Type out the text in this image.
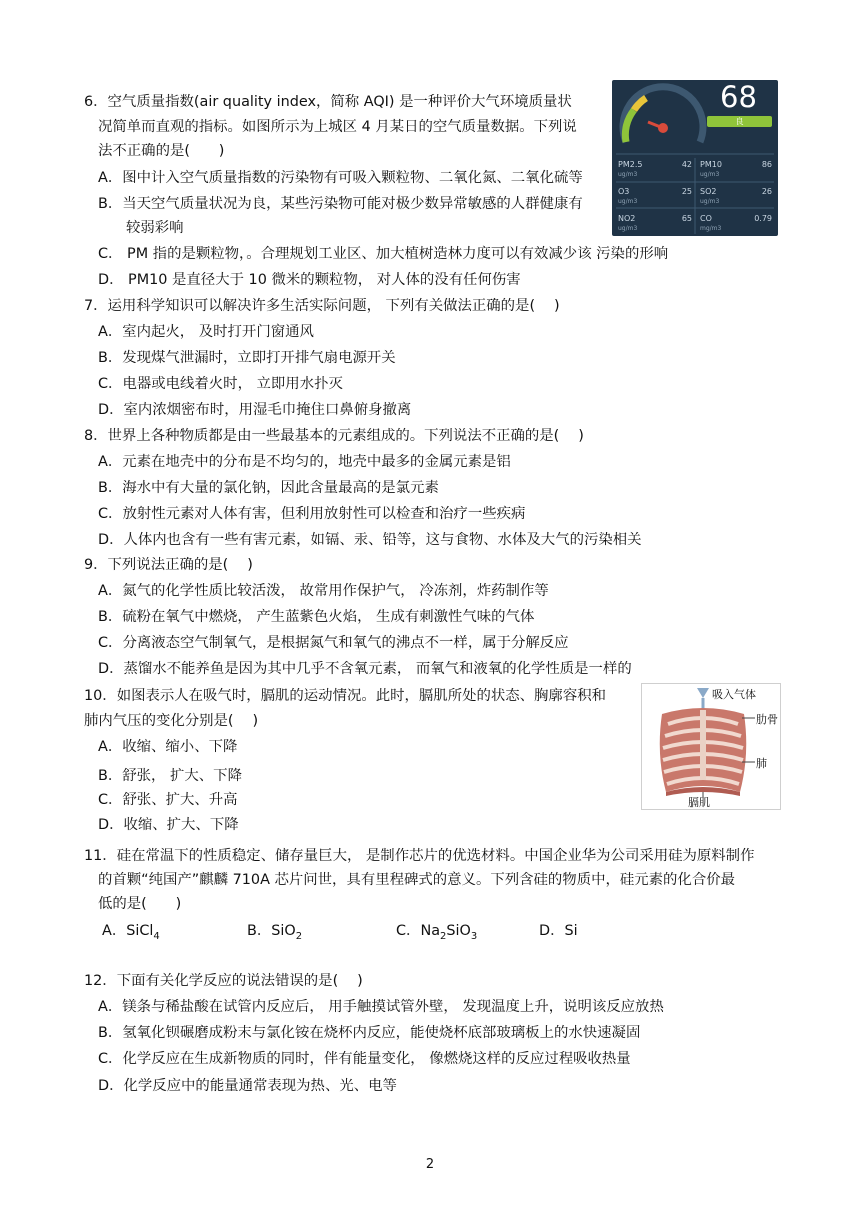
6．空气质量指数(air quality index，简称 AQI) 是一种评价大气环境质量状
况简单而直观的指标。如图所示为上城区 4 月某日的空气质量数据。下列说
法不正确的是(　　)
A．图中计入空气质量指数的污染物有可吸入颗粒物、二氧化氮、二氧化硫等
B．当天空气质量状况为良，某些污染物可能对极少数异常敏感的人群健康有
较弱彩响
C． PM 指的是颗粒物，。合理规划工业区、加大植树造林力度可以有效减少该 污染的形响
D． PM10 是直径大于 10 微米的颗粒物， 对人体的没有任何伤害
68
良
PM2.5	42
ug/m3
PM10	86
ug/m3
O3	25
ug/m3
SO2	26
ug/m3
NO2	65
ug/m3
CO	0.79
mg/m3
7．运用科学知识可以解决许多生活实际问题， 下列有关做法正确的是(　 )
A．室内起火， 及时打开门窗通风
B．发现煤气泄漏时，立即打开排气扇电源开关
C．电器或电线着火时， 立即用水扑灭
D．室内浓烟密布时，用湿毛巾掩住口鼻俯身撤离
8．世界上各种物质都是由一些最基本的元素组成的。下列说法不正确的是(　 )
A．元素在地壳中的分布是不均匀的，地壳中最多的金属元素是铝
B．海水中有大量的氯化钠，因此含量最高的是氯元素
C．放射性元素对人体有害，但利用放射性可以检查和治疗一些疾病
D．人体内也含有一些有害元素，如镉、汞、铅等，这与食物、水体及大气的污染相关
9．下列说法正确的是(　 )
A．氮气的化学性质比较活泼， 故常用作保护气， 冷冻剂，炸药制作等
B．硫粉在氧气中燃烧， 产生蓝紫色火焰， 生成有刺激性气味的气体
C．分离液态空气制氧气，是根据氮气和氧气的沸点不一样，属于分解反应
D．蒸馏水不能养鱼是因为其中几乎不含氧元素， 而氧气和液氧的化学性质是一样的
10．如图表示人在吸气时，膈肌的运动情况。此时，膈肌所处的状态、胸廓容积和
肺内气压的变化分别是(　 )
A．收缩、缩小、下降
B．舒张， 扩大、下降
C．舒张、扩大、升高
D．收缩、扩大、下降
吸入气体
肋骨
肺
膈肌
11．硅在常温下的性质稳定、储存量巨大， 是制作芯片的优选材料。中国企业华为公司采用硅为原料制作
的首颗“纯国产”麒麟 710A 芯片问世，具有里程碑式的意义。下列含硅的物质中，硅元素的化合价最
低的是(　　)
A．SiCl$_4$	B．SiO$_2$	C．$Na_2SiO_3$	D．Si
12．下面有关化学反应的说法错误的是(　 )
A．镁条与稀盐酸在试管内反应后， 用手触摸试管外壁， 发现温度上升，说明该反应放热
B．氢氧化钡碾磨成粉末与氯化铵在烧杯内反应，能使烧杯底部玻璃板上的水快速凝固
C．化学反应在生成新物质的同时，伴有能量变化， 像燃烧这样的反应过程吸收热量
D．化学反应中的能量通常表现为热、光、电等
2
